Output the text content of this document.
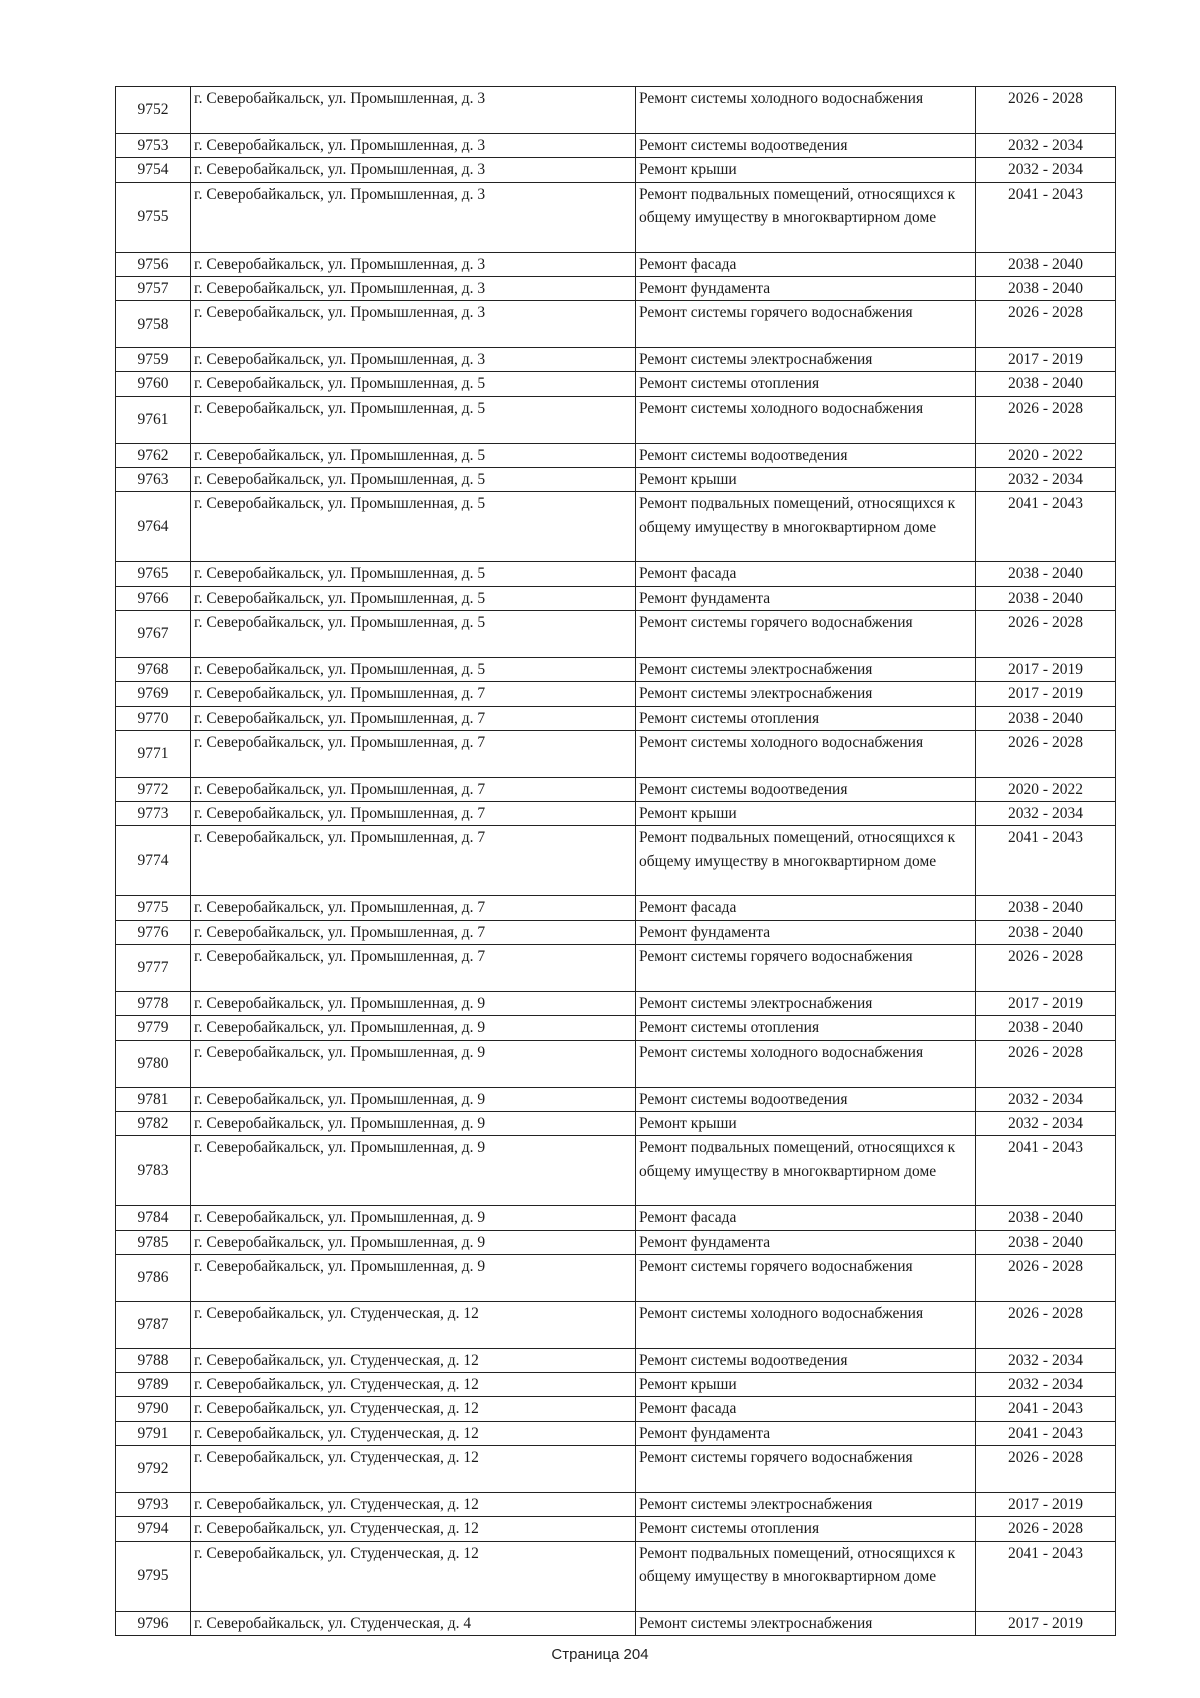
9752	г. Северобайкальск, ул. Промышленная, д. 3	Ремонт системы холодного водоснабжения	2026 - 2028
9753	г. Северобайкальск, ул. Промышленная, д. 3	Ремонт системы водоотведения	2032 - 2034
9754	г. Северобайкальск, ул. Промышленная, д. 3	Ремонт крыши	2032 - 2034
9755	г. Северобайкальск, ул. Промышленная, д. 3	Ремонт подвальных помещений, относящихся к общему имуществу в многоквартирном доме	2041 - 2043
9756	г. Северобайкальск, ул. Промышленная, д. 3	Ремонт фасада	2038 - 2040
9757	г. Северобайкальск, ул. Промышленная, д. 3	Ремонт фундамента	2038 - 2040
9758	г. Северобайкальск, ул. Промышленная, д. 3	Ремонт системы горячего водоснабжения	2026 - 2028
9759	г. Северобайкальск, ул. Промышленная, д. 3	Ремонт системы электроснабжения	2017 - 2019
9760	г. Северобайкальск, ул. Промышленная, д. 5	Ремонт системы отопления	2038 - 2040
9761	г. Северобайкальск, ул. Промышленная, д. 5	Ремонт системы холодного водоснабжения	2026 - 2028
9762	г. Северобайкальск, ул. Промышленная, д. 5	Ремонт системы водоотведения	2020 - 2022
9763	г. Северобайкальск, ул. Промышленная, д. 5	Ремонт крыши	2032 - 2034
9764	г. Северобайкальск, ул. Промышленная, д. 5	Ремонт подвальных помещений, относящихся к общему имуществу в многоквартирном доме	2041 - 2043
9765	г. Северобайкальск, ул. Промышленная, д. 5	Ремонт фасада	2038 - 2040
9766	г. Северобайкальск, ул. Промышленная, д. 5	Ремонт фундамента	2038 - 2040
9767	г. Северобайкальск, ул. Промышленная, д. 5	Ремонт системы горячего водоснабжения	2026 - 2028
9768	г. Северобайкальск, ул. Промышленная, д. 5	Ремонт системы электроснабжения	2017 - 2019
9769	г. Северобайкальск, ул. Промышленная, д. 7	Ремонт системы электроснабжения	2017 - 2019
9770	г. Северобайкальск, ул. Промышленная, д. 7	Ремонт системы отопления	2038 - 2040
9771	г. Северобайкальск, ул. Промышленная, д. 7	Ремонт системы холодного водоснабжения	2026 - 2028
9772	г. Северобайкальск, ул. Промышленная, д. 7	Ремонт системы водоотведения	2020 - 2022
9773	г. Северобайкальск, ул. Промышленная, д. 7	Ремонт крыши	2032 - 2034
9774	г. Северобайкальск, ул. Промышленная, д. 7	Ремонт подвальных помещений, относящихся к общему имуществу в многоквартирном доме	2041 - 2043
9775	г. Северобайкальск, ул. Промышленная, д. 7	Ремонт фасада	2038 - 2040
9776	г. Северобайкальск, ул. Промышленная, д. 7	Ремонт фундамента	2038 - 2040
9777	г. Северобайкальск, ул. Промышленная, д. 7	Ремонт системы горячего водоснабжения	2026 - 2028
9778	г. Северобайкальск, ул. Промышленная, д. 9	Ремонт системы электроснабжения	2017 - 2019
9779	г. Северобайкальск, ул. Промышленная, д. 9	Ремонт системы отопления	2038 - 2040
9780	г. Северобайкальск, ул. Промышленная, д. 9	Ремонт системы холодного водоснабжения	2026 - 2028
9781	г. Северобайкальск, ул. Промышленная, д. 9	Ремонт системы водоотведения	2032 - 2034
9782	г. Северобайкальск, ул. Промышленная, д. 9	Ремонт крыши	2032 - 2034
9783	г. Северобайкальск, ул. Промышленная, д. 9	Ремонт подвальных помещений, относящихся к общему имуществу в многоквартирном доме	2041 - 2043
9784	г. Северобайкальск, ул. Промышленная, д. 9	Ремонт фасада	2038 - 2040
9785	г. Северобайкальск, ул. Промышленная, д. 9	Ремонт фундамента	2038 - 2040
9786	г. Северобайкальск, ул. Промышленная, д. 9	Ремонт системы горячего водоснабжения	2026 - 2028
9787	г. Северобайкальск, ул. Студенческая, д. 12	Ремонт системы холодного водоснабжения	2026 - 2028
9788	г. Северобайкальск, ул. Студенческая, д. 12	Ремонт системы водоотведения	2032 - 2034
9789	г. Северобайкальск, ул. Студенческая, д. 12	Ремонт крыши	2032 - 2034
9790	г. Северобайкальск, ул. Студенческая, д. 12	Ремонт фасада	2041 - 2043
9791	г. Северобайкальск, ул. Студенческая, д. 12	Ремонт фундамента	2041 - 2043
9792	г. Северобайкальск, ул. Студенческая, д. 12	Ремонт системы горячего водоснабжения	2026 - 2028
9793	г. Северобайкальск, ул. Студенческая, д. 12	Ремонт системы электроснабжения	2017 - 2019
9794	г. Северобайкальск, ул. Студенческая, д. 12	Ремонт системы отопления	2026 - 2028
9795	г. Северобайкальск, ул. Студенческая, д. 12	Ремонт подвальных помещений, относящихся к общему имуществу в многоквартирном доме	2041 - 2043
9796	г. Северобайкальск, ул. Студенческая, д. 4	Ремонт системы электроснабжения	2017 - 2019
Страница 204
